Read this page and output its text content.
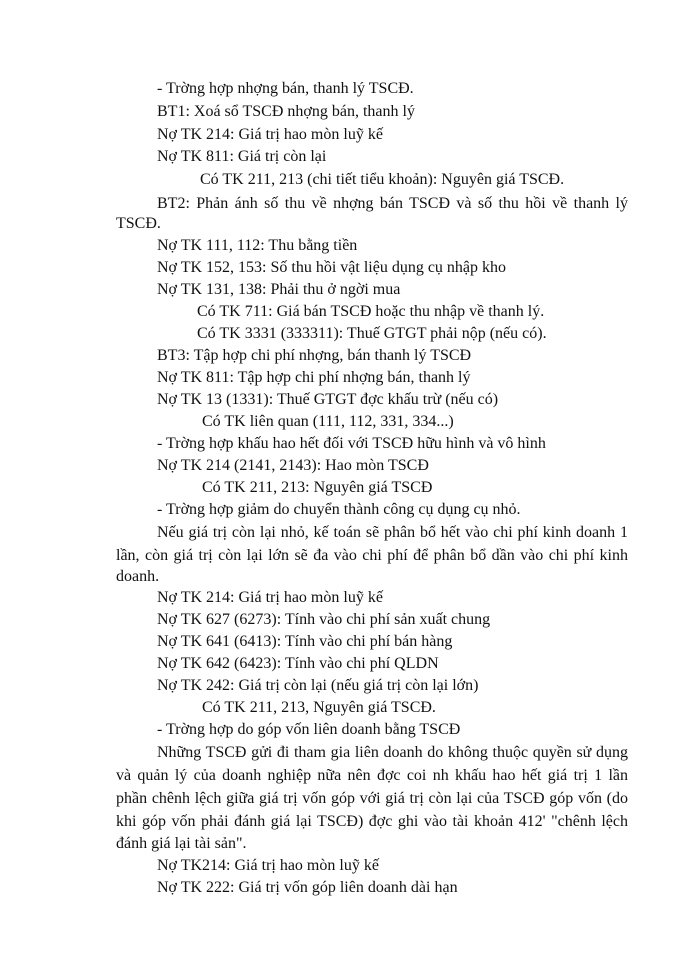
- Trờng hợp nhợng bán, thanh lý TSCĐ.
BT1: Xoá sổ TSCĐ nhợng bán, thanh lý
Nợ TK 214: Giá trị hao mòn luỹ kế
Nợ TK 811: Giá trị còn lại
Có TK 211, 213 (chi tiết tiểu khoản): Nguyên giá TSCĐ.
BT2: Phản ánh số thu về nhợng bán TSCĐ và số thu hồi về thanh lý
TSCĐ.
Nợ TK 111, 112: Thu bằng tiền
Nợ TK 152, 153: Số thu hồi vật liệu dụng cụ nhập kho
Nợ TK 131, 138: Phải thu ở ngời mua
Có TK 711: Giá bán TSCĐ hoặc thu nhập về thanh lý.
Có TK 3331 (333311): Thuế GTGT phải nộp (nếu có).
BT3: Tập hợp chi phí nhợng, bán thanh lý TSCĐ
Nợ TK 811: Tập hợp chi phí nhợng bán, thanh lý
Nợ TK 13 (1331): Thuế GTGT đợc khấu trừ (nếu có)
Có TK liên quan (111, 112, 331, 334...)
- Trờng hợp khấu hao hết đối với TSCĐ hữu hình và vô hình
Nợ TK 214 (2141, 2143): Hao mòn TSCĐ
Có TK 211, 213: Nguyên giá TSCĐ
- Trờng hợp giảm do chuyển thành công cụ dụng cụ nhỏ.
Nếu giá trị còn lại nhỏ, kế toán sẽ phân bổ hết vào chi phí kinh doanh 1
lần, còn giá trị còn lại lớn sẽ đa vào chi phí để phân bổ dần vào chi phí kinh
doanh.
Nợ TK 214: Giá trị hao mòn luỹ kế
Nợ TK 627 (6273): Tính vào chi phí sản xuất chung
Nợ TK 641 (6413): Tính vào chi phí bán hàng
Nợ TK 642 (6423): Tính vào chi phí QLDN
Nợ TK 242: Giá trị còn lại (nếu giá trị còn lại lớn)
Có TK 211, 213, Nguyên giá TSCĐ.
- Trờng hợp do góp vốn liên doanh bằng TSCĐ
Những TSCĐ gửi đi tham gia liên doanh do không thuộc quyền sử dụng
và quản lý của doanh nghiệp nữa nên đợc coi nh khấu hao hết giá trị 1 lần
phần chênh lệch giữa giá trị vốn góp với giá trị còn lại của TSCĐ góp vốn (do
khi góp vốn phải đánh giá lại TSCĐ) đợc ghi vào tài khoản 412' "chênh lệch
đánh giá lại tài sản".
Nợ TK214: Giá trị hao mòn luỹ kế
Nợ TK 222: Giá trị vốn góp liên doanh dài hạn
